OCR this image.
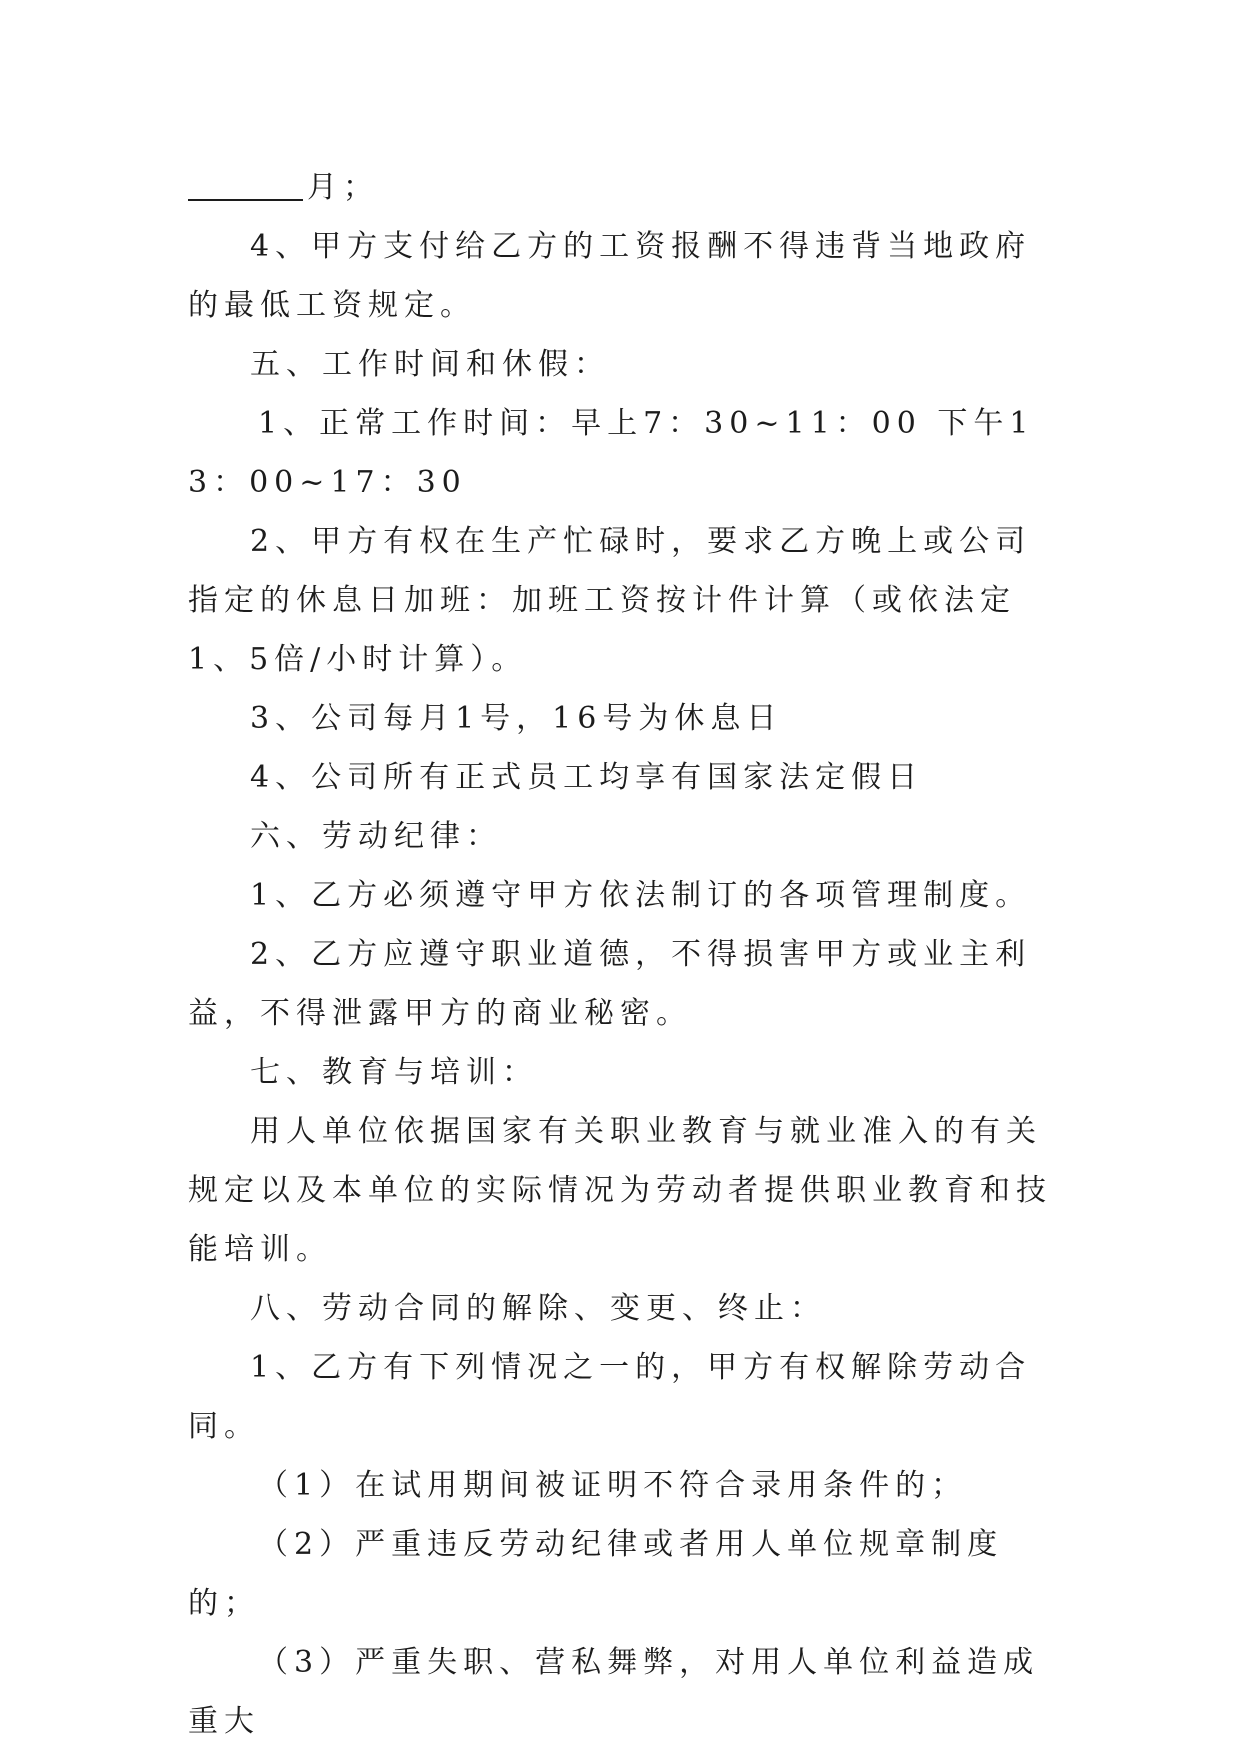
月；

4、甲方支付给乙方的工资报酬不得违背当地政府的最低工资规定。

五、工作时间和休假：

1、正常工作时间：早上7：30~11：00 下午13：00~17：30

2、甲方有权在生产忙碌时，要求乙方晚上或公司指定的休息日加班：加班工资按计件计算（或依法定1、5倍/小时计算）。

3、公司每月1号，16号为休息日

4、公司所有正式员工均享有国家法定假日

六、劳动纪律：

1、乙方必须遵守甲方依法制订的各项管理制度。

2、乙方应遵守职业道德，不得损害甲方或业主利益，不得泄露甲方的商业秘密。

七、教育与培训：

用人单位依据国家有关职业教育与就业准入的有关规定以及本单位的实际情况为劳动者提供职业教育和技能培训。

八、劳动合同的解除、变更、终止：

1、乙方有下列情况之一的，甲方有权解除劳动合同。

（1）在试用期间被证明不符合录用条件的；

（2）严重违反劳动纪律或者用人单位规章制度的；

（3）严重失职、营私舞弊，对用人单位利益造成重大
